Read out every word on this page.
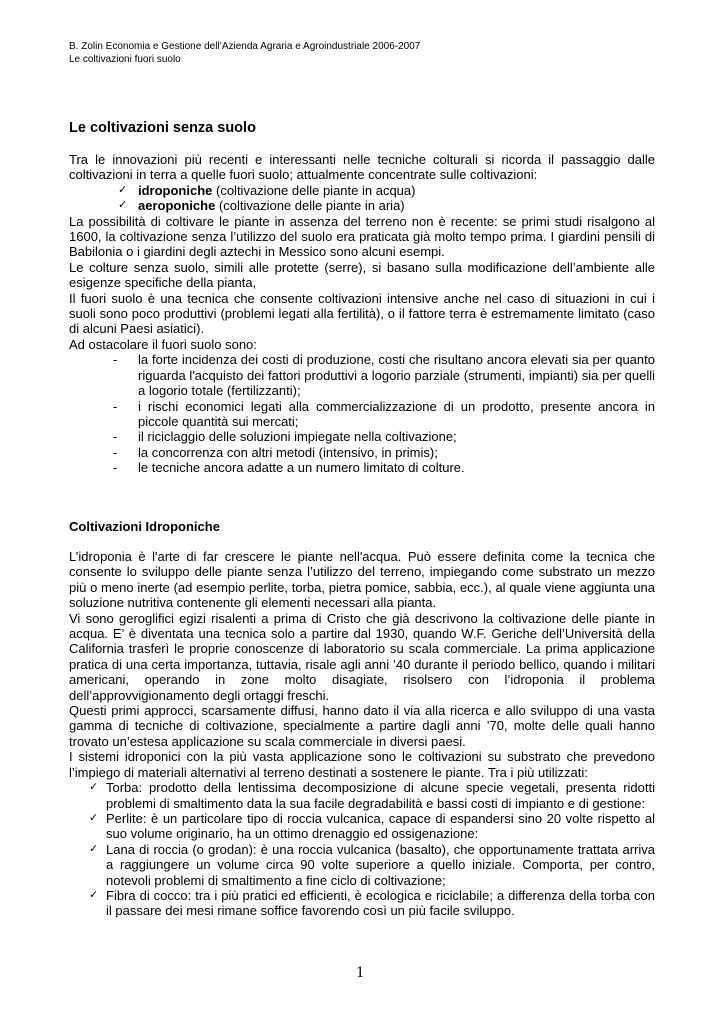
B. Zolin Economia e Gestione dell’Azienda Agraria e Agroindustriale 2006-2007
Le coltivazioni fuori suolo
Le coltivazioni senza suolo

Tra le innovazioni più recenti e interessanti nelle tecniche colturali si ricorda il passaggio dalle coltivazioni in terra a quelle fuori suolo; attualmente concentrate sulle coltivazioni:

✓ idroponiche (coltivazione delle piante in acqua)
✓ aeroponiche (coltivazione delle piante in aria)

La possibilità di coltivare le piante in assenza del terreno non è recente: se primi studi risalgono al 1600, la coltivazione senza l’utilizzo del suolo era praticata già molto tempo prima. I giardini pensili di Babilonia o i giardini degli aztechi in Messico sono alcuni esempi.

Le colture senza suolo, simili alle protette (serre), si basano sulla modificazione dell’ambiente alle esigenze specifiche della pianta,

Il fuori suolo è una tecnica che consente coltivazioni intensive anche nel caso di situazioni in cui i suoli sono poco produttivi (problemi legati alla fertilità), o il fattore terra è estremamente limitato (caso di alcuni Paesi asiatici).

Ad ostacolare il fuori suolo sono:

- la forte incidenza dei costi di produzione, costi che risultano ancora elevati sia per quanto riguarda l'acquisto dei fattori produttivi a logorio parziale (strumenti, impianti) sia per quelli a logorio totale (fertilizzanti);
- i rischi economici legati alla commercializzazione di un prodotto, presente ancora in piccole quantità sui mercati;
- il riciclaggio delle soluzioni impiegate nella coltivazione;
- la concorrenza con altri metodi (intensivo, in primis);
- le tecniche ancora adatte a un numero limitato di colture.
Coltivazioni Idroponiche

L’idroponia è l'arte di far crescere le piante nell'acqua. Può essere definita come la tecnica che consente lo sviluppo delle piante senza l’utilizzo del terreno, impiegando come substrato un mezzo più o meno inerte (ad esempio perlite, torba, pietra pomice, sabbia, ecc.), al quale viene aggiunta una soluzione nutritiva contenente gli elementi necessari alla pianta.

Vi sono geroglifici egizi risalenti a prima di Cristo che già descrivono la coltivazione delle piante in acqua. E’ è diventata una tecnica solo a partire dal 1930, quando W.F. Geriche dell’Università della California trasferì le proprie conoscenze di laboratorio su scala commerciale. La prima applicazione pratica di una certa importanza, tuttavia, risale agli anni ’40 durante il periodo bellico, quando i militari americani, operando in zone molto disagiate, risolsero con l’idroponia il problema dell’approvvigionamento degli ortaggi freschi.

Questi primi approcci, scarsamente diffusi, hanno dato il via alla ricerca e allo sviluppo di una vasta gamma di tecniche di coltivazione, specialmente a partire dagli anni ’70, molte delle quali hanno trovato un’estesa applicazione su scala commerciale in diversi paesi.

I sistemi idroponici con la più vasta applicazione sono le coltivazioni su substrato che prevedono l’impiego di materiali alternativi al terreno destinati a sostenere le piante. Tra i più utilizzati:

✓ Torba: prodotto della lentissima decomposizione di alcune specie vegetali, presenta ridotti problemi di smaltimento data la sua facile degradabilità e bassi costi di impianto e di gestione:
✓ Perlite: è un particolare tipo di roccia vulcanica, capace di espandersi sino 20 volte rispetto al suo volume originario, ha un ottimo drenaggio ed ossigenazione:
✓ Lana di roccia (o grodan): è una roccia vulcanica (basalto), che opportunamente trattata arriva a raggiungere un volume circa 90 volte superiore a quello iniziale. Comporta, per contro, notevoli problemi di smaltimento a fine ciclo di coltivazione;
✓ Fibra di cocco: tra i più pratici ed efficienti, è ecologica e riciclabile; a differenza della torba con il passare dei mesi rimane soffice favorendo così un più facile sviluppo.
1
